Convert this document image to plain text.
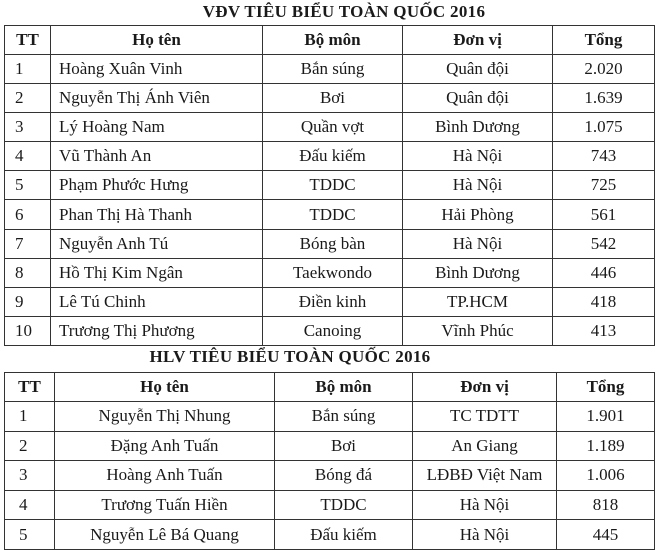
VĐV TIÊU BIỂU TOÀN QUỐC 2016
TT	Họ tên	Bộ môn	Đơn vị	Tổng
1	Hoàng Xuân Vinh	Bắn súng	Quân đội	2.020
2	Nguyễn Thị Ánh Viên	Bơi	Quân đội	1.639
3	Lý Hoàng Nam	Quần vợt	Bình Dương	1.075
4	Vũ Thành An	Đấu kiếm	Hà Nội	743
5	Phạm Phước Hưng	TDDC	Hà Nội	725
6	Phan Thị Hà Thanh	TDDC	Hải Phòng	561
7	Nguyễn Anh Tú	Bóng bàn	Hà Nội	542
8	Hồ Thị Kim Ngân	Taekwondo	Bình Dương	446
9	Lê Tú Chinh	Điền kinh	TP.HCM	418
10	Trương Thị Phương	Canoing	Vĩnh Phúc	413
HLV TIÊU BIỂU TOÀN QUỐC 2016
TT	Họ tên	Bộ môn	Đơn vị	Tổng
1	Nguyễn Thị Nhung	Bắn súng	TC TDTT	1.901
2	Đặng Anh Tuấn	Bơi	An Giang	1.189
3	Hoàng Anh Tuấn	Bóng đá	LĐBĐ Việt Nam	1.006
4	Trương Tuấn Hiền	TDDC	Hà Nội	818
5	Nguyễn Lê Bá Quang	Đấu kiếm	Hà Nội	445
